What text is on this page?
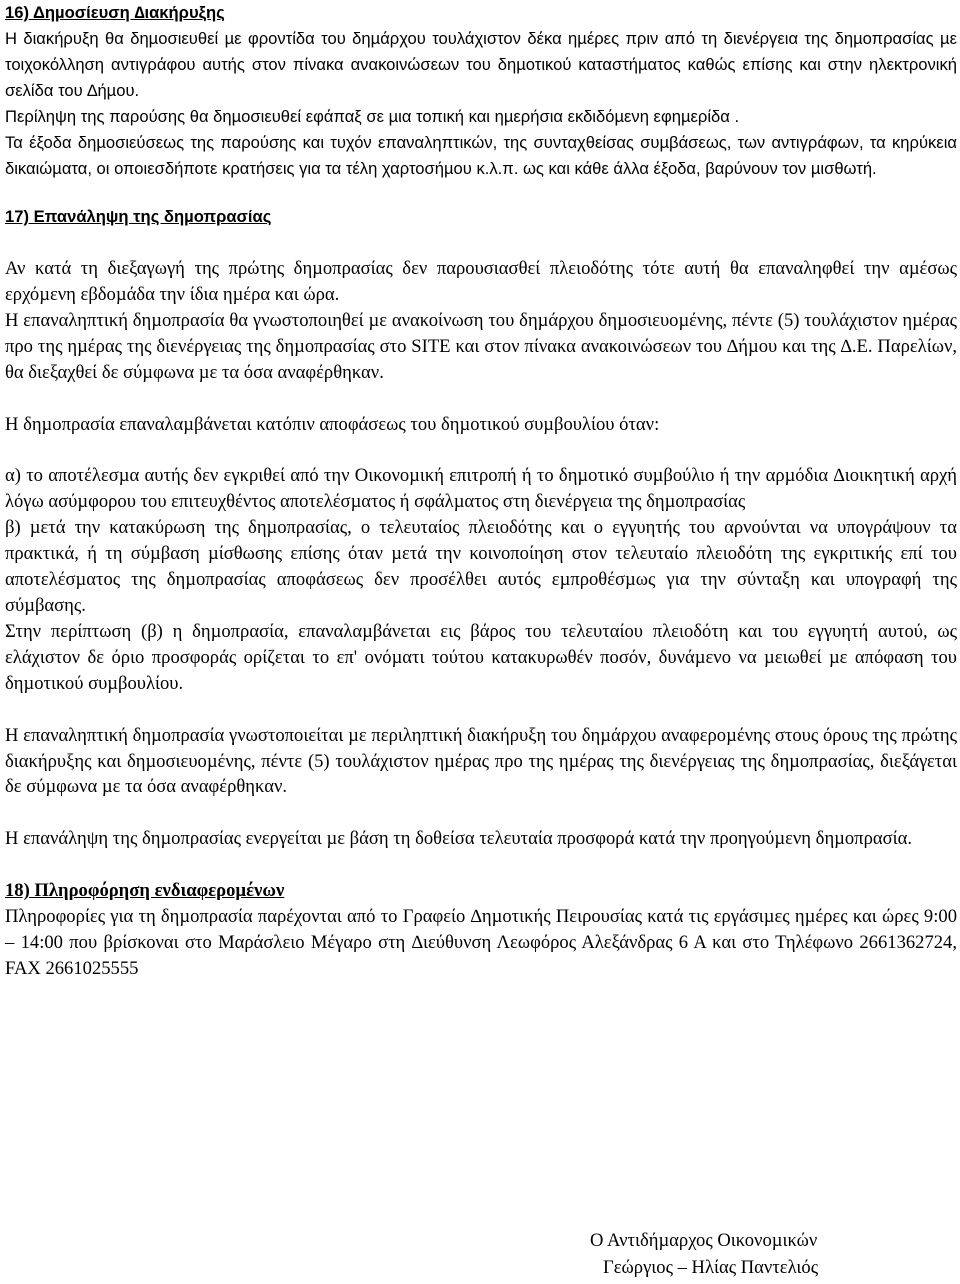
16) Δηµοσίευση ∆ιακήρυξης

Η διακήρυξη θα δηµοσιευθεί µε φροντίδα του δηµάρχου τουλάχιστον δέκα ηµέρες πριν από τη διενέργεια της δηµοπρασίας µε τοιχοκόλληση αντιγράφου αυτής στον πίνακα ανακοινώσεων του δηµοτικού καταστήµατος καθώς επίσης και στην ηλεκτρονική σελίδα του ∆ήµου.

Περίληψη της παρούσης θα δηµοσιευθεί εφάπαξ σε µια τοπική και ηµερήσια εκδιδόµενη εφηµερίδα .

Τα έξοδα δηµοσιεύσεως της παρούσης και τυχόν επαναληπτικών, της συνταχθείσας συµβάσεως, των αντιγράφων, τα κηρύκεια δικαιώµατα, οι οποιεσδήποτε κρατήσεις για τα τέλη χαρτοσήµου κ.λ.π. ως και κάθε άλλα έξοδα, βαρύνουν τον µισθωτή.

17) Επανάληψη της δηµοπρασίας

Αν κατά τη διεξαγωγή της πρώτης δηµοπρασίας δεν παρουσιασθεί πλειοδότης τότε αυτή θα επαναληφθεί την αµέσως ερχόµενη εβδοµάδα την ίδια ηµέρα και ώρα.

Η επαναληπτική δηµοπρασία θα γνωστοποιηθεί µε ανακοίνωση του δηµάρχου δηµοσιευοµένης, πέντε (5) τουλάχιστον ηµέρας προ της ηµέρας της διενέργειας της δηµοπρασίας στο SITE και στον πίνακα ανακοινώσεων του ∆ήµου και της ∆.Ε. Παρελίων, θα διεξαχθεί δε σύµφωνα µε τα όσα αναφέρθηκαν.

Η δηµοπρασία επαναλαµβάνεται κατόπιν αποφάσεως του δηµοτικού συµβουλίου όταν:

α) το αποτέλεσµα αυτής δεν εγκριθεί από την Οικονοµική επιτροπή ή το δηµοτικό συµβούλιο ή την αρµόδια ∆ιοικητική αρχή λόγω ασύµφορου του επιτευχθέντος αποτελέσµατος ή σφάλµατος στη διενέργεια της δηµοπρασίας

β) µετά την κατακύρωση της δηµοπρασίας, ο τελευταίος πλειοδότης και ο εγγυητής του αρνούνται να υπογράψουν τα πρακτικά, ή τη σύµβαση µίσθωσης επίσης όταν µετά την κοινοποίηση στον τελευταίο πλειοδότη της εγκριτικής επί του αποτελέσµατος της δηµοπρασίας αποφάσεως δεν προσέλθει αυτός εµπροθέσµως για την σύνταξη και υπογραφή της σύµβασης.

Στην περίπτωση (β) η δηµοπρασία, επαναλαµβάνεται εις βάρος του τελευταίου πλειοδότη και του εγγυητή αυτού, ως ελάχιστον δε όριο προσφοράς ορίζεται το επ' ονόµατι τούτου κατακυρωθέν ποσόν, δυνάµενο να µειωθεί µε απόφαση του δηµοτικού συµβουλίου.

Η επαναληπτική δηµοπρασία γνωστοποιείται µε περιληπτική διακήρυξη του δηµάρχου αναφεροµένης στους όρους της πρώτης διακήρυξης και δηµοσιευοµένης, πέντε (5) τουλάχιστον ηµέρας προ της ηµέρας της διενέργειας της δηµοπρασίας, διεξάγεται δε σύµφωνα µε τα όσα αναφέρθηκαν.

Η επανάληψη της δηµοπρασίας ενεργείται µε βάση τη δοθείσα τελευταία προσφορά κατά την προηγούµενη δηµοπρασία.

18) Πληροφόρηση ενδιαφεροµένων

Πληροφορίες για τη δηµοπρασία παρέχονται από το Γραφείο ∆ηµοτικής Πειρουσίας κατά τις εργάσιµες ηµέρες και ώρες 9:00 – 14:00 που βρίσκοναι στο Μαράσλειο Μέγαρο στη ∆ιεύθυνση Λεωφόρος Αλεξάνδρας 6 Α και στο Τηλέφωνο 2661362724, FAX 2661025555

Ο Αντιδήµαρχος Οικονοµικών
Γεώργιος – Ηλίας Παντελιός
